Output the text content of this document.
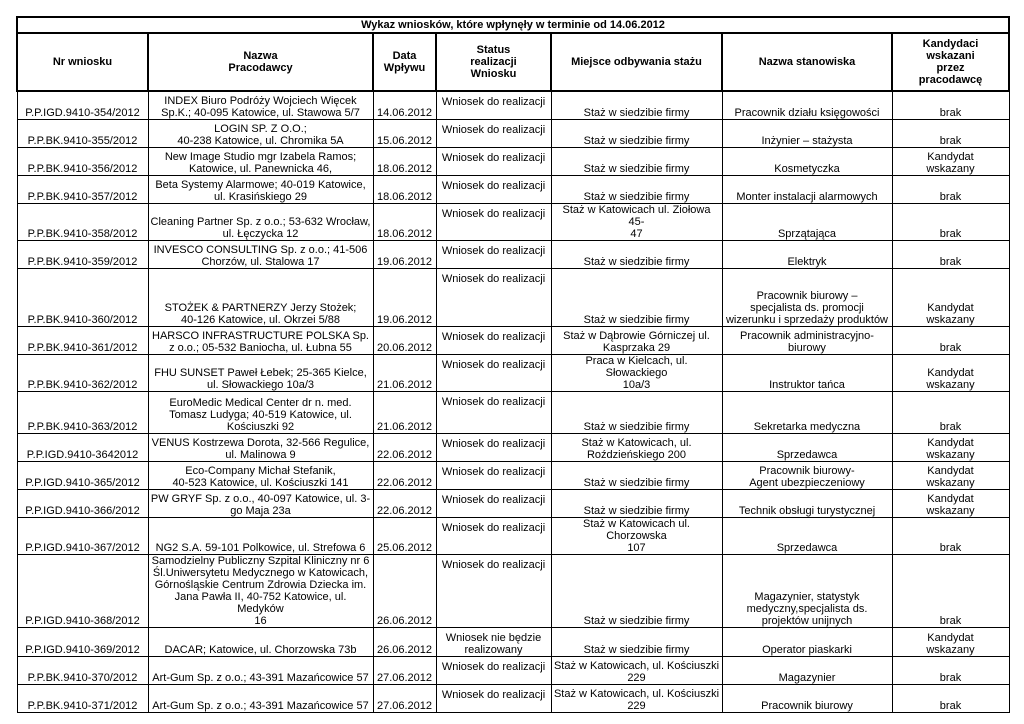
Wykaz wniosków, które wpłynęły w terminie od 14.06.2012						
Nr wniosku	Nazwa
Pracodawcy	Data
Wpływu	Status
realizacji
Wniosku	Miejsce odbywania stażu	Nazwa stanowiska	Kandydaci
wskazani
przez
pracodawcę
P.P.IGD.9410-354/2012	INDEX Biuro Podróży Wojciech Więcek
Sp.K.; 40-095 Katowice, ul. Stawowa 5/7	14.06.2012	Wniosek do realizacji	Staż w siedzibie firmy	Pracownik działu księgowości	brak
P.P.BK.9410-355/2012	LOGIN SP. Z O.O.;
40-238 Katowice, ul. Chromika 5A	15.06.2012	Wniosek do realizacji	Staż w siedzibie firmy	Inżynier – stażysta	brak
P.P.BK.9410-356/2012	New Image Studio mgr Izabela Ramos;
Katowice, ul. Panewnicka 46,	18.06.2012	Wniosek do realizacji	Staż w siedzibie firmy	Kosmetyczka	Kandydat
wskazany
P.P.BK.9410-357/2012	Beta Systemy Alarmowe; 40-019 Katowice,
ul. Krasińskiego 29	18.06.2012	Wniosek do realizacji	Staż w siedzibie firmy	Monter instalacji alarmowych	brak
P.P.BK.9410-358/2012	Cleaning Partner Sp. z o.o.; 53-632 Wrocław,
ul. Łęczycka 12	18.06.2012	Wniosek do realizacji	Staż w Katowicach ul. Ziołowa 45-
47	Sprzątająca	brak
P.P.BK.9410-359/2012	INVESCO CONSULTING Sp. z o.o.; 41-506
Chorzów, ul. Stalowa 17	19.06.2012	Wniosek do realizacji	Staż w siedzibie firmy	Elektryk	brak
P.P.BK.9410-360/2012	STOŻEK & PARTNERZY Jerzy Stożek;
40-126 Katowice, ul. Okrzei 5/88	19.06.2012	Wniosek do realizacji	Staż w siedzibie firmy	Pracownik biurowy –
specjalista ds. promocji
wizerunku i sprzedaży produktów	Kandydat
wskazany
P.P.BK.9410-361/2012	HARSCO INFRASTRUCTURE POLSKA Sp.
z o.o.; 05-532 Baniocha, ul. Łubna 55	20.06.2012	Wniosek do realizacji	Staż w Dąbrowie Górniczej ul.
Kasprzaka 29	Pracownik administracyjno-
biurowy	brak
P.P.BK.9410-362/2012	FHU SUNSET Paweł Łebek; 25-365 Kielce,
ul. Słowackiego 10a/3	21.06.2012	Wniosek do realizacji	Praca w Kielcach, ul. Słowackiego
10a/3	Instruktor tańca	Kandydat
wskazany
P.P.BK.9410-363/2012	EuroMedic Medical Center dr n. med.
Tomasz Ludyga; 40-519 Katowice, ul.
Kościuszki 92	21.06.2012	Wniosek do realizacji	Staż w siedzibie firmy	Sekretarka medyczna	brak
P.P.IGD.9410-3642012	VENUS Kostrzewa Dorota, 32-566 Regulice,
ul. Malinowa 9	22.06.2012	Wniosek do realizacji	Staż w Katowicach, ul.
Roździeńskiego 200	Sprzedawca	Kandydat
wskazany
P.P.IGD.9410-365/2012	Eco-Company Michał Stefanik,
40-523 Katowice, ul. Kościuszki 141	22.06.2012	Wniosek do realizacji	Staż w siedzibie firmy	Pracownik biurowy-
Agent ubezpieczeniowy	Kandydat
wskazany
P.P.IGD.9410-366/2012	PW GRYF Sp. z o.o., 40-097 Katowice, ul. 3-
go Maja 23a	22.06.2012	Wniosek do realizacji	Staż w siedzibie firmy	Technik obsługi turystycznej	Kandydat
wskazany
P.P.IGD.9410-367/2012	NG2 S.A. 59-101 Polkowice, ul. Strefowa 6	25.06.2012	Wniosek do realizacji	Staż w Katowicach ul. Chorzowska
107	Sprzedawca	brak
P.P.IGD.9410-368/2012	Samodzielny Publiczny Szpital Kliniczny nr 6
Śl.Uniwersytetu Medycznego w Katowicach,
Górnośląskie Centrum Zdrowia Dziecka im.
Jana Pawła II, 40-752 Katowice, ul. Medyków
16	26.06.2012	Wniosek do realizacji	Staż w siedzibie firmy	Magazynier, statystyk
medyczny,specjalista ds.
projektów unijnych	brak
P.P.IGD.9410-369/2012	DACAR; Katowice, ul. Chorzowska 73b	26.06.2012	Wniosek nie będzie
realizowany	Staż w siedzibie firmy	Operator piaskarki	Kandydat
wskazany
P.P.BK.9410-370/2012	Art-Gum Sp. z o.o.; 43-391 Mazańcowice 57	27.06.2012	Wniosek do realizacji	Staż w Katowicach, ul. Kościuszki
229	Magazynier	brak
P.P.BK.9410-371/2012	Art-Gum Sp. z o.o.; 43-391 Mazańcowice 57	27.06.2012	Wniosek do realizacji	Staż w Katowicach, ul. Kościuszki
229	Pracownik biurowy	brak
